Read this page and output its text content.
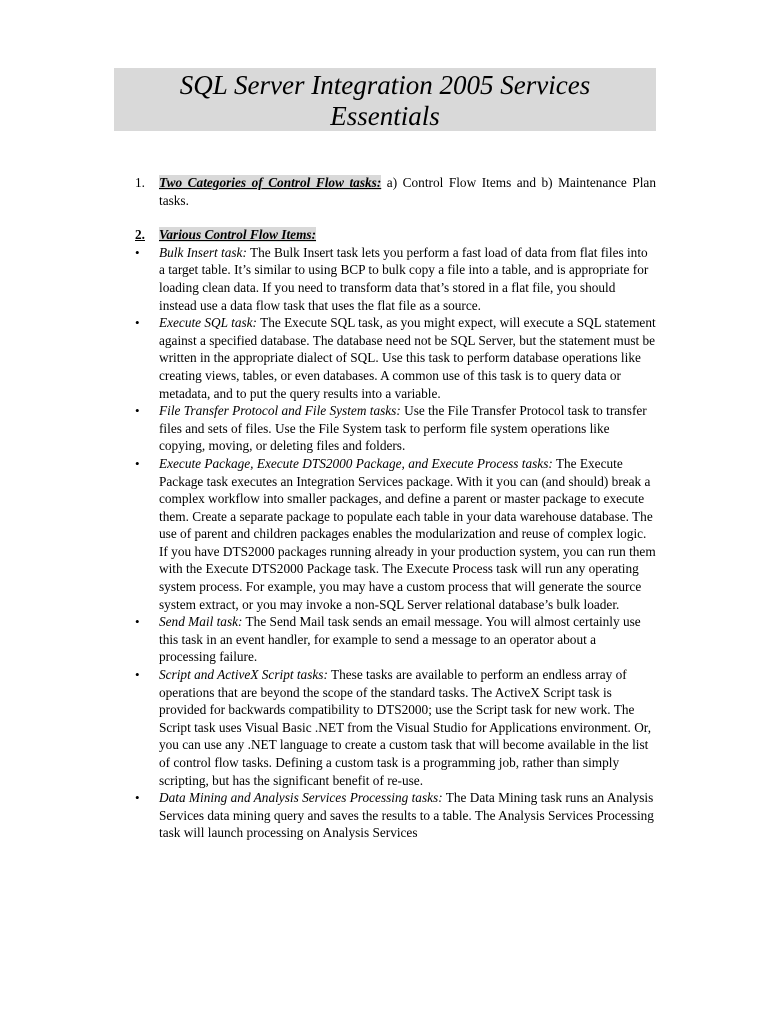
SQL Server Integration 2005 Services
Essentials
1.	Two Categories of Control Flow tasks: a) Control Flow Items and b) Maintenance Plan tasks.
2.	Various Control Flow Items:
•	Bulk Insert task: The Bulk Insert task lets you perform a fast load of data from flat files into a target table. It’s similar to using BCP to bulk copy a file into a table, and is appropriate for loading clean data. If you need to transform data that’s stored in a flat file, you should instead use a data flow task that uses the flat file as a source.
•	Execute SQL task: The Execute SQL task, as you might expect, will execute a SQL statement against a specified database. The database need not be SQL Server, but the statement must be written in the appropriate dialect of SQL. Use this task to perform database operations like creating views, tables, or even databases. A common use of this task is to query data or metadata, and to put the query results into a variable.
•	File Transfer Protocol and File System tasks: Use the File Transfer Protocol task to transfer files and sets of files. Use the File System task to perform file system operations like copying, moving, or deleting files and folders.
•	Execute Package, Execute DTS2000 Package, and Execute Process tasks: The Execute Package task executes an Integration Services package. With it you can (and should) break a complex workflow into smaller packages, and define a parent or master package to execute them. Create a separate package to populate each table in your data warehouse database. The use of parent and children packages enables the modularization and reuse of complex logic. If you have DTS2000 packages running already in your production system, you can run them with the Execute DTS2000 Package task. The Execute Process task will run any operating system process. For example, you may have a custom process that will generate the source system extract, or you may invoke a non-SQL Server relational database’s bulk loader.
•	Send Mail task: The Send Mail task sends an email message. You will almost certainly use this task in an event handler, for example to send a message to an operator about a processing failure.
•	Script and ActiveX Script tasks: These tasks are available to perform an endless array of operations that are beyond the scope of the standard tasks. The ActiveX Script task is provided for backwards compatibility to DTS2000; use the Script task for new work. The Script task uses Visual Basic .NET from the Visual Studio for Applications environment. Or, you can use any .NET language to create a custom task that will become available in the list of control flow tasks. Defining a custom task is a programming job, rather than simply scripting, but has the significant benefit of re-use.
•	Data Mining and Analysis Services Processing tasks: The Data Mining task runs an Analysis Services data mining query and saves the results to a table. The Analysis Services Processing task will launch processing on Analysis Services
